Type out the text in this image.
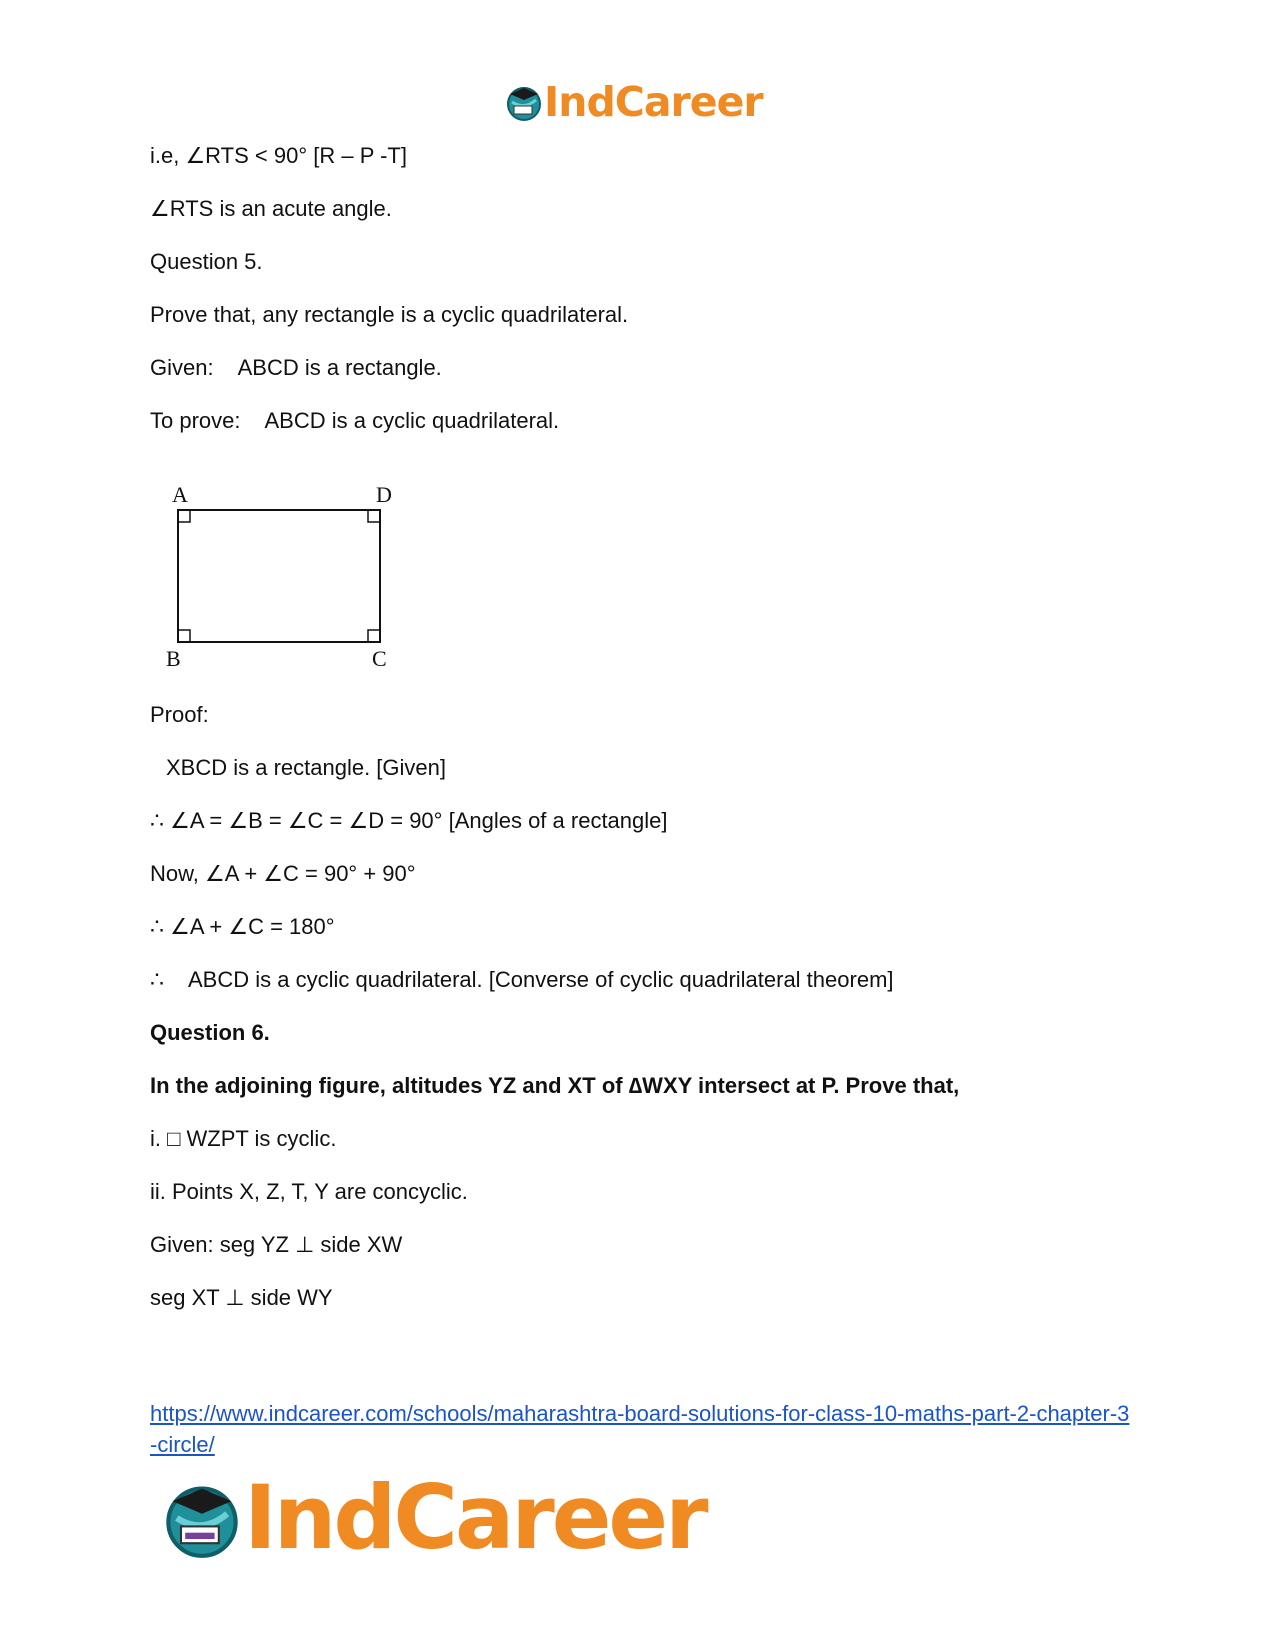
IndCareer
i.e, ∠RTS < 90° [R – P -T]
∠RTS is an acute angle.
Question 5.
Prove that, any rectangle is a cyclic quadrilateral.
Given: ABCD is a rectangle.
To prove: ABCD is a cyclic quadrilateral.
A	D
B	C
Proof:
XBCD is a rectangle. [Given]
∴ ∠A = ∠B = ∠C = ∠D = 90° [Angles of a rectangle]
Now, ∠A + ∠C = 90° + 90°
∴ ∠A + ∠C = 180°
∴ ABCD is a cyclic quadrilateral. [Converse of cyclic quadrilateral theorem]
Question 6.
In the adjoining figure, altitudes YZ and XT of ∆WXY intersect at P. Prove that,
i. □ WZPT is cyclic.
ii. Points X, Z, T, Y are concyclic.
Given: seg YZ ⊥ side XW
seg XT ⊥ side WY
https://www.indcareer.com/schools/maharashtra-board-solutions-for-class-10-maths-part-2-chapter-3-circle/
IndCareer
